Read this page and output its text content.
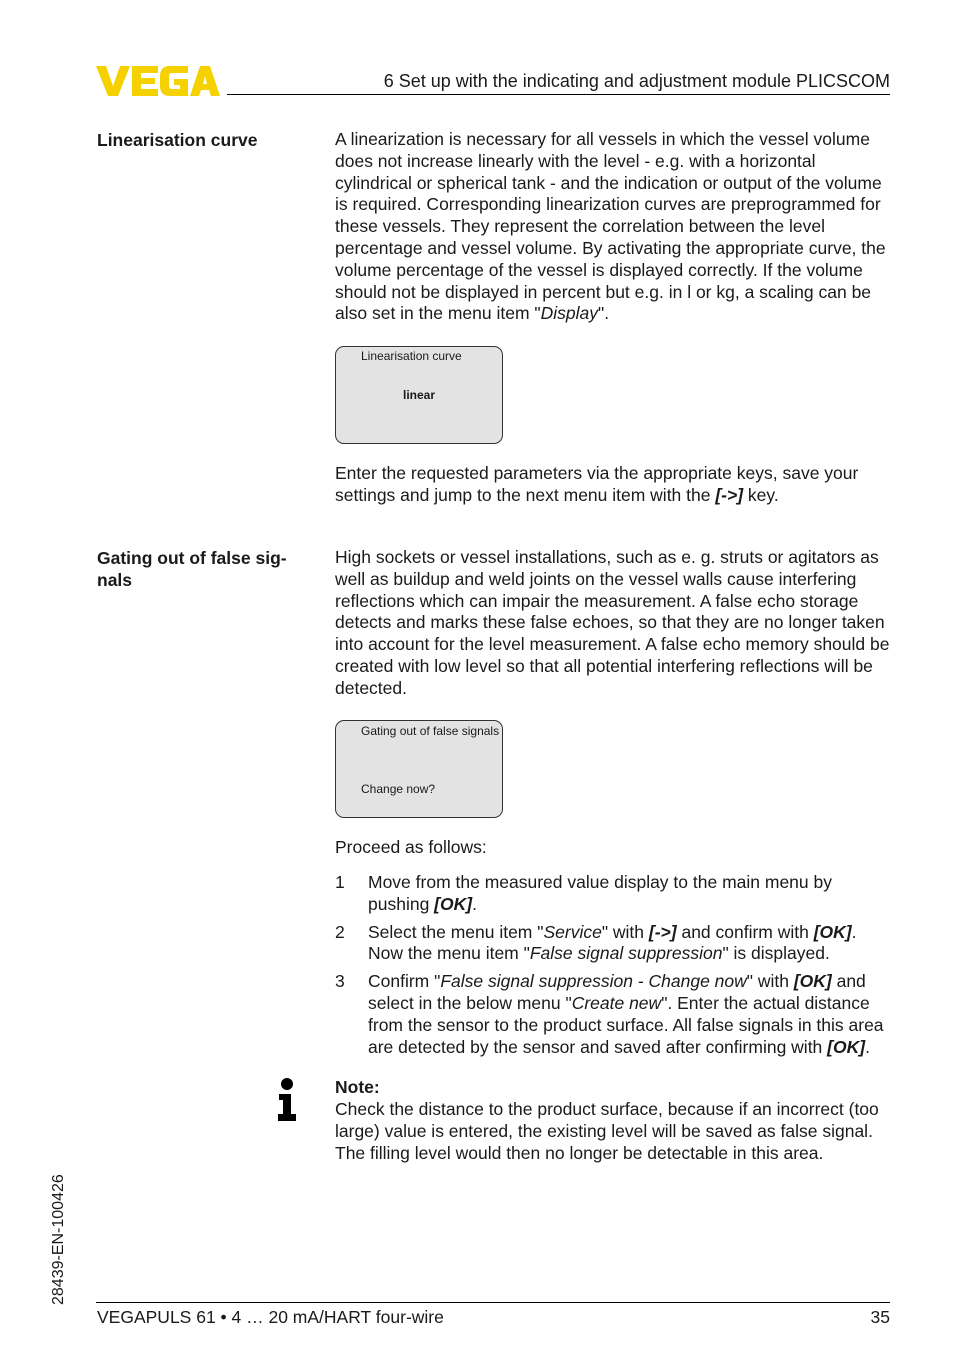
6 Set up with the indicating and adjustment module PLICSCOM
Linearisation curve	A linearization is necessary for all vessels in which the vessel volume does not increase linearly with the level - e.g. with a horizontal cylindrical or spherical tank - and the indication or output of the volume is required. Corresponding linearization curves are preprogrammed for these vessels. They represent the correlation between the level percentage and vessel volume. By activating the appropriate curve, the volume percentage of the vessel is displayed correctly. If the volume should not be displayed in percent but e.g. in l or kg, a scaling can be also set in the menu item "Display".

Linearisation curve
linear

Enter the requested parameters via the appropriate keys, save your settings and jump to the next menu item with the [->] key.

Gating out of false sig-
nals

High sockets or vessel installations, such as e. g. struts or agitators as well as buildup and weld joints on the vessel walls cause interfering reflections which can impair the measurement. A false echo storage detects and marks these false echoes, so that they are no longer taken into account for the level measurement. A false echo memory should be created with low level so that all potential interfering reflections will be detected.

Gating out of false signals
Change now?
Proceed as follows:
1 Move from the measured value display to the main menu by pushing [OK].
2 Select the menu item "Service" with [->] and confirm with [OK]. Now the menu item "False signal suppression" is displayed.
3 Confirm "False signal suppression - Change now" with [OK] and select in the below menu "Create new". Enter the actual distance from the sensor to the product surface. All false signals in this area are detected by the sensor and saved after confirming with [OK].
Note:
Check the distance to the product surface, because if an incorrect (too large) value is entered, the existing level will be saved as false signal. The filling level would then no longer be detectable in this area.
28439-EN-100426
VEGAPULS 61 • 4 … 20 mA/HART four-wire	35
